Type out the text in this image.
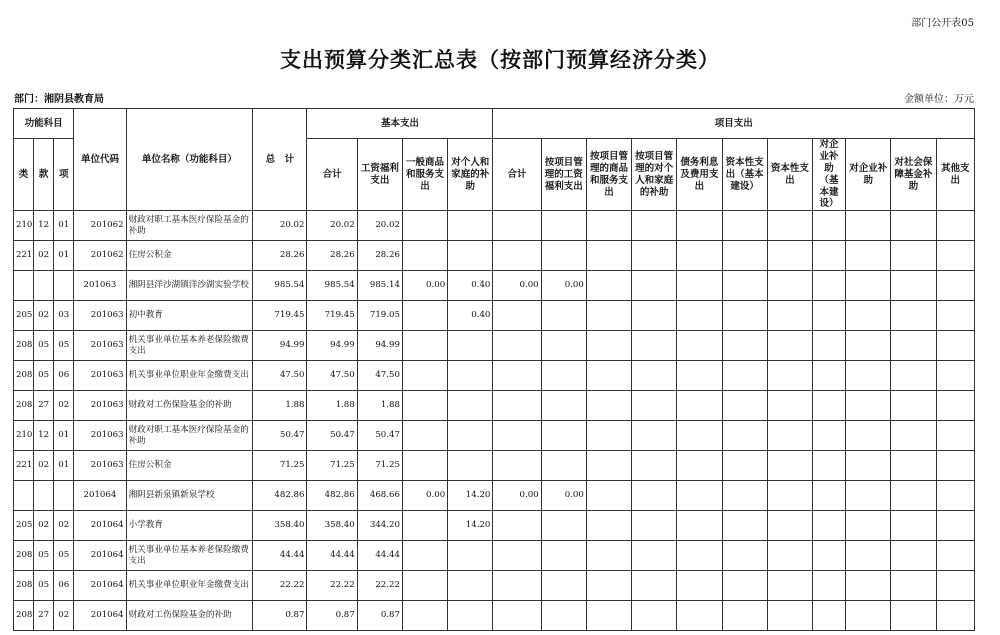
部门公开表05
支出预算分类汇总表（按部门预算经济分类）
部门：湘阴县教育局	金额单位：万元
功能科目			单位代码	单位名称（功能科目）	总　计	基本支出				项目支出										
类	款	项				合计	工资福利支出	一般商品和服务支出	对个人和家庭的补助	合计	按项目管理的工资福利支出	按项目管理的商品和服务支出	按项目管理的对个人和家庭的补助	债务利息及费用支出	资本性支出（基本建设）	资本性支出	对企业补助（基本建设）	对企业补助	对社会保障基金补助	其他支出
210	12	01	201062	财政对职工基本医疗保险基金的补助	20.02	20.02	20.02													
221	02	01	201062	住房公积金	28.26	28.26	28.26													
			201063	湘阴县洋沙湖镇洋沙湖实验学校	985.54	985.54	985.14	0.00	0.40	0.00	0.00									
205	02	03	201063	初中教育	719.45	719.45	719.05		0.40											
208	05	05	201063	机关事业单位基本养老保险缴费支出	94.99	94.99	94.99													
208	05	06	201063	机关事业单位职业年金缴费支出	47.50	47.50	47.50													
208	27	02	201063	财政对工伤保险基金的补助	1.88	1.88	1.88													
210	12	01	201063	财政对职工基本医疗保险基金的补助	50.47	50.47	50.47													
221	02	01	201063	住房公积金	71.25	71.25	71.25													
			201064	湘阴县新泉镇新泉学校	482.86	482.86	468.66	0.00	14.20	0.00	0.00									
205	02	02	201064	小学教育	358.40	358.40	344.20		14.20											
208	05	05	201064	机关事业单位基本养老保险缴费支出	44.44	44.44	44.44													
208	05	06	201064	机关事业单位职业年金缴费支出	22.22	22.22	22.22													
208	27	02	201064	财政对工伤保险基金的补助	0.87	0.87	0.87													
